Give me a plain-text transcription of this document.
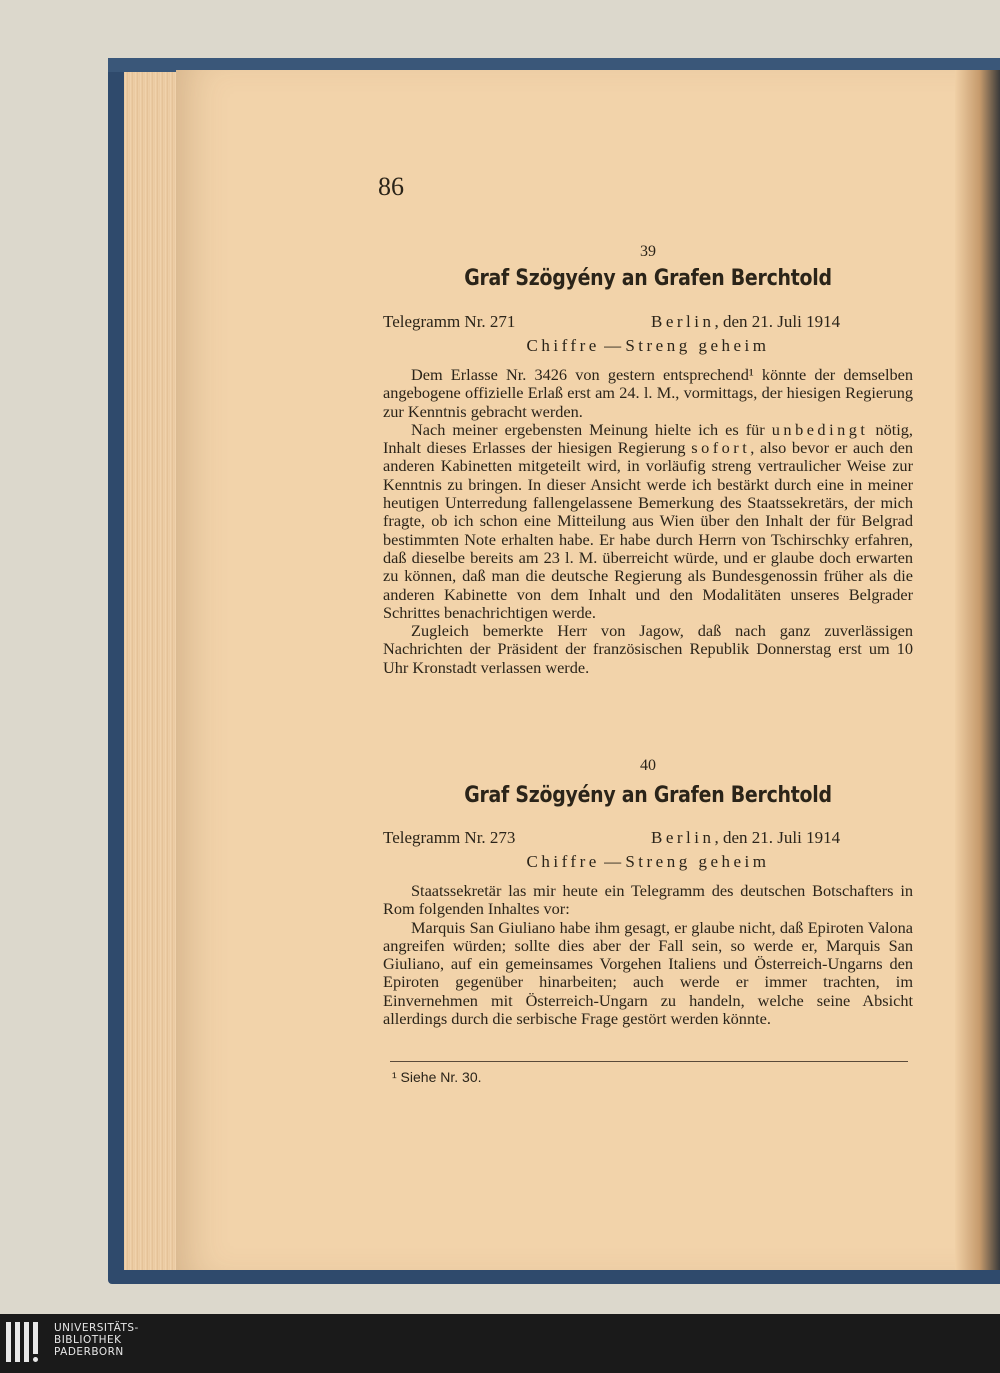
86
39
Graf Szögyény an Grafen Berchtold
Telegramm Nr. 271	Berlin, den 21. Juli 1914
Chiffre — Streng geheim

Dem Erlasse Nr. 3426 von gestern entsprechend¹ könnte der demselben angebogene offizielle Erlaß erst am 24. l. M., vormittags, der hiesigen Regierung zur Kenntnis gebracht werden.

Nach meiner ergebensten Meinung hielte ich es für unbedingt nötig, Inhalt dieses Erlasses der hiesigen Regierung sofort, also bevor er auch den anderen Kabinetten mitgeteilt wird, in vorläufig streng vertraulicher Weise zur Kenntnis zu bringen. In dieser Ansicht werde ich bestärkt durch eine in meiner heutigen Unterredung fallengelassene Bemerkung des Staatssekretärs, der mich fragte, ob ich schon eine Mitteilung aus Wien über den Inhalt der für Belgrad bestimmten Note erhalten habe. Er habe durch Herrn von Tschirschky erfahren, daß dieselbe bereits am 23 l. M. überreicht würde, und er glaube doch erwarten zu können, daß man die deutsche Regierung als Bundesgenossin früher als die anderen Kabinette von dem Inhalt und den Modalitäten unseres Belgrader Schrittes benachrichtigen werde.

Zugleich bemerkte Herr von Jagow, daß nach ganz zuverlässigen Nachrichten der Präsident der französischen Republik Donnerstag erst um 10 Uhr Kronstadt verlassen werde.

40
Graf Szögyény an Grafen Berchtold
Telegramm Nr. 273	Berlin, den 21. Juli 1914
Chiffre — Streng geheim

Staatssekretär las mir heute ein Telegramm des deutschen Botschafters in Rom folgenden Inhaltes vor:

Marquis San Giuliano habe ihm gesagt, er glaube nicht, daß Epiroten Valona angreifen würden; sollte dies aber der Fall sein, so werde er, Marquis San Giuliano, auf ein gemeinsames Vorgehen Italiens und Österreich-Ungarns den Epiroten gegenüber hinarbeiten; auch werde er immer trachten, im Einvernehmen mit Österreich-Ungarn zu handeln, welche seine Absicht allerdings durch die serbische Frage gestört werden könnte.

¹ Siehe Nr. 30.
UNIVERSITÄTS-
BIBLIOTHEK
PADERBORN
